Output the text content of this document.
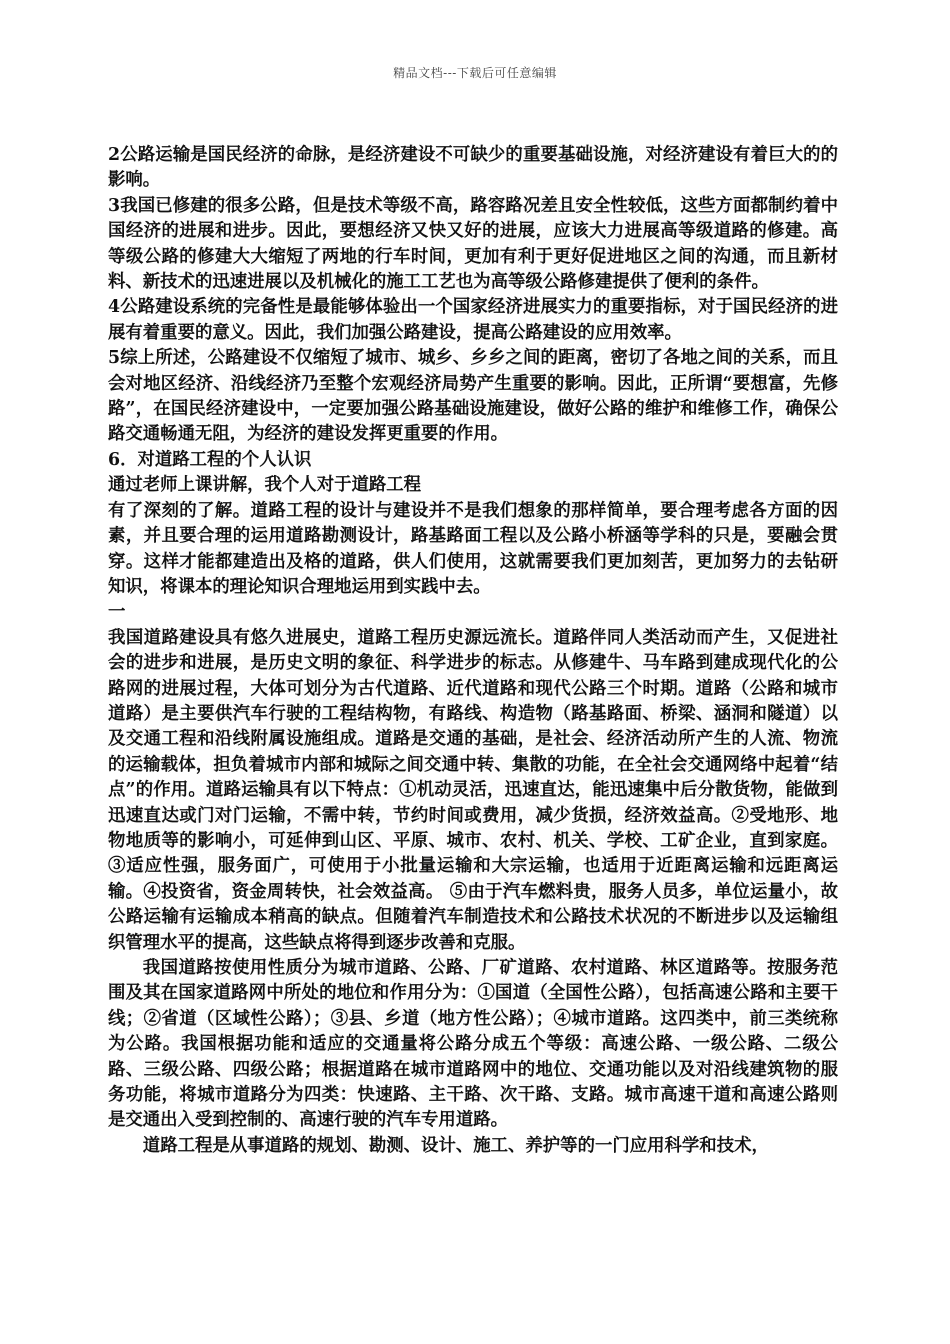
精品文档---下载后可任意编辑

2公路运输是国民经济的命脉，是经济建设不可缺少的重要基础设施，对经济建设有着巨大的的影响。

3我国已修建的很多公路，但是技术等级不高，路容路况差且安全性较低，这些方面都制约着中国经济的进展和进步。因此，要想经济又快又好的进展，应该大力进展高等级道路的修建。高等级公路的修建大大缩短了两地的行车时间，更加有利于更好促进地区之间的沟通，而且新材料、新技术的迅速进展以及机械化的施工工艺也为高等级公路修建提供了便利的条件。

4公路建设系统的完备性是最能够体验出一个国家经济进展实力的重要指标，对于国民经济的进展有着重要的意义。因此，我们加强公路建设，提高公路建设的应用效率。

5综上所述，公路建设不仅缩短了城市、城乡、乡乡之间的距离，密切了各地之间的关系，而且会对地区经济、沿线经济乃至整个宏观经济局势产生重要的影响。因此，正所谓“要想富，先修路”，在国民经济建设中，一定要加强公路基础设施建设，做好公路的维护和维修工作，确保公路交通畅通无阻，为经济的建设发挥更重要的作用。

6．对道路工程的个人认识

通过老师上课讲解，我个人对于道路工程

有了深刻的了解。道路工程的设计与建设并不是我们想象的那样简单，要合理考虑各方面的因素，并且要合理的运用道路勘测设计，路基路面工程以及公路小桥涵等学科的只是，要融会贯穿。这样才能都建造出及格的道路，供人们使用，这就需要我们更加刻苦，更加努力的去钻研知识，将课本的理论知识合理地运用到实践中去。

一

我国道路建设具有悠久进展史，道路工程历史源远流长。道路伴同人类活动而产生，又促进社会的进步和进展，是历史文明的象征、科学进步的标志。从修建牛、马车路到建成现代化的公路网的进展过程，大体可划分为古代道路、近代道路和现代公路三个时期。道路（公路和城市道路）是主要供汽车行驶的工程结构物，有路线、构造物（路基路面、桥梁、涵洞和隧道）以及交通工程和沿线附属设施组成。道路是交通的基础，是社会、经济活动所产生的人流、物流的运输载体，担负着城市内部和城际之间交通中转、集散的功能，在全社会交通网络中起着“结点”的作用。道路运输具有以下特点：①机动灵活，迅速直达，能迅速集中后分散货物，能做到迅速直达或门对门运输，不需中转，节约时间或费用，减少货损，经济效益高。②受地形、地物地质等的影响小，可延伸到山区、平原、城市、农村、机关、学校、工矿企业，直到家庭。③适应性强，服务面广，可使用于小批量运输和大宗运输，也适用于近距离运输和远距离运输。④投资省，资金周转快，社会效益高。 ⑤由于汽车燃料贵，服务人员多，单位运量小，故公路运输有运输成本稍高的缺点。但随着汽车制造技术和公路技术状况的不断进步以及运输组织管理水平的提高，这些缺点将得到逐步改善和克服。

我国道路按使用性质分为城市道路、公路、厂矿道路、农村道路、林区道路等。按服务范围及其在国家道路网中所处的地位和作用分为：①国道（全国性公路），包括高速公路和主要干线；②省道（区域性公路）；③县、乡道（地方性公路）；④城市道路。这四类中，前三类统称为公路。我国根据功能和适应的交通量将公路分成五个等级：高速公路、一级公路、二级公路、三级公路、四级公路；根据道路在城市道路网中的地位、交通功能以及对沿线建筑物的服务功能，将城市道路分为四类：快速路、主干路、次干路、支路。城市高速干道和高速公路则是交通出入受到控制的、高速行驶的汽车专用道路。

道路工程是从事道路的规划、勘测、设计、施工、养护等的一门应用科学和技术，
